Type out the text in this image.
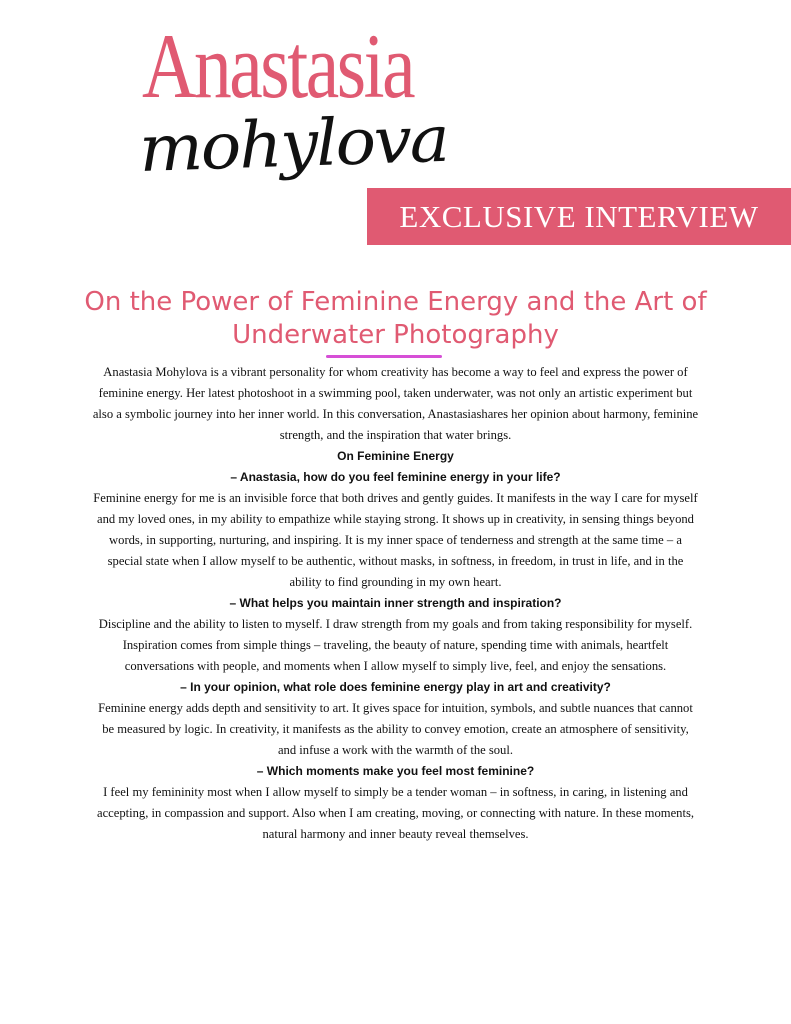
Anastasia

mohylova

EXCLUSIVE INTERVIEW
On the Power of Feminine Energy and the Art of
Underwater Photography

Anastasia Mohylova is a vibrant personality for whom creativity has become a way to feel and express the power of feminine energy. Her latest photoshoot in a swimming pool, taken underwater, was not only an artistic experiment but also a symbolic journey into her inner world. In this conversation, Anastasiashares her opinion about harmony, feminine strength, and the inspiration that water brings.

On Feminine Energy

– Anastasia, how do you feel feminine energy in your life?

Feminine energy for me is an invisible force that both drives and gently guides. It manifests in the way I care for myself and my loved ones, in my ability to empathize while staying strong. It shows up in creativity, in sensing things beyond words, in supporting, nurturing, and inspiring. It is my inner space of tenderness and strength at the same time – a special state when I allow myself to be authentic, without masks, in softness, in freedom, in trust in life, and in the ability to find grounding in my own heart.

– What helps you maintain inner strength and inspiration?

Discipline and the ability to listen to myself. I draw strength from my goals and from taking responsibility for myself. Inspiration comes from simple things – traveling, the beauty of nature, spending time with animals, heartfelt conversations with people, and moments when I allow myself to simply live, feel, and enjoy the sensations.

– In your opinion, what role does feminine energy play in art and creativity?

Feminine energy adds depth and sensitivity to art. It gives space for intuition, symbols, and subtle nuances that cannot be measured by logic. In creativity, it manifests as the ability to convey emotion, create an atmosphere of sensitivity, and infuse a work with the warmth of the soul.

– Which moments make you feel most feminine?

I feel my femininity most when I allow myself to simply be a tender woman – in softness, in caring, in listening and accepting, in compassion and support. Also when I am creating, moving, or connecting with nature. In these moments, natural harmony and inner beauty reveal themselves.
